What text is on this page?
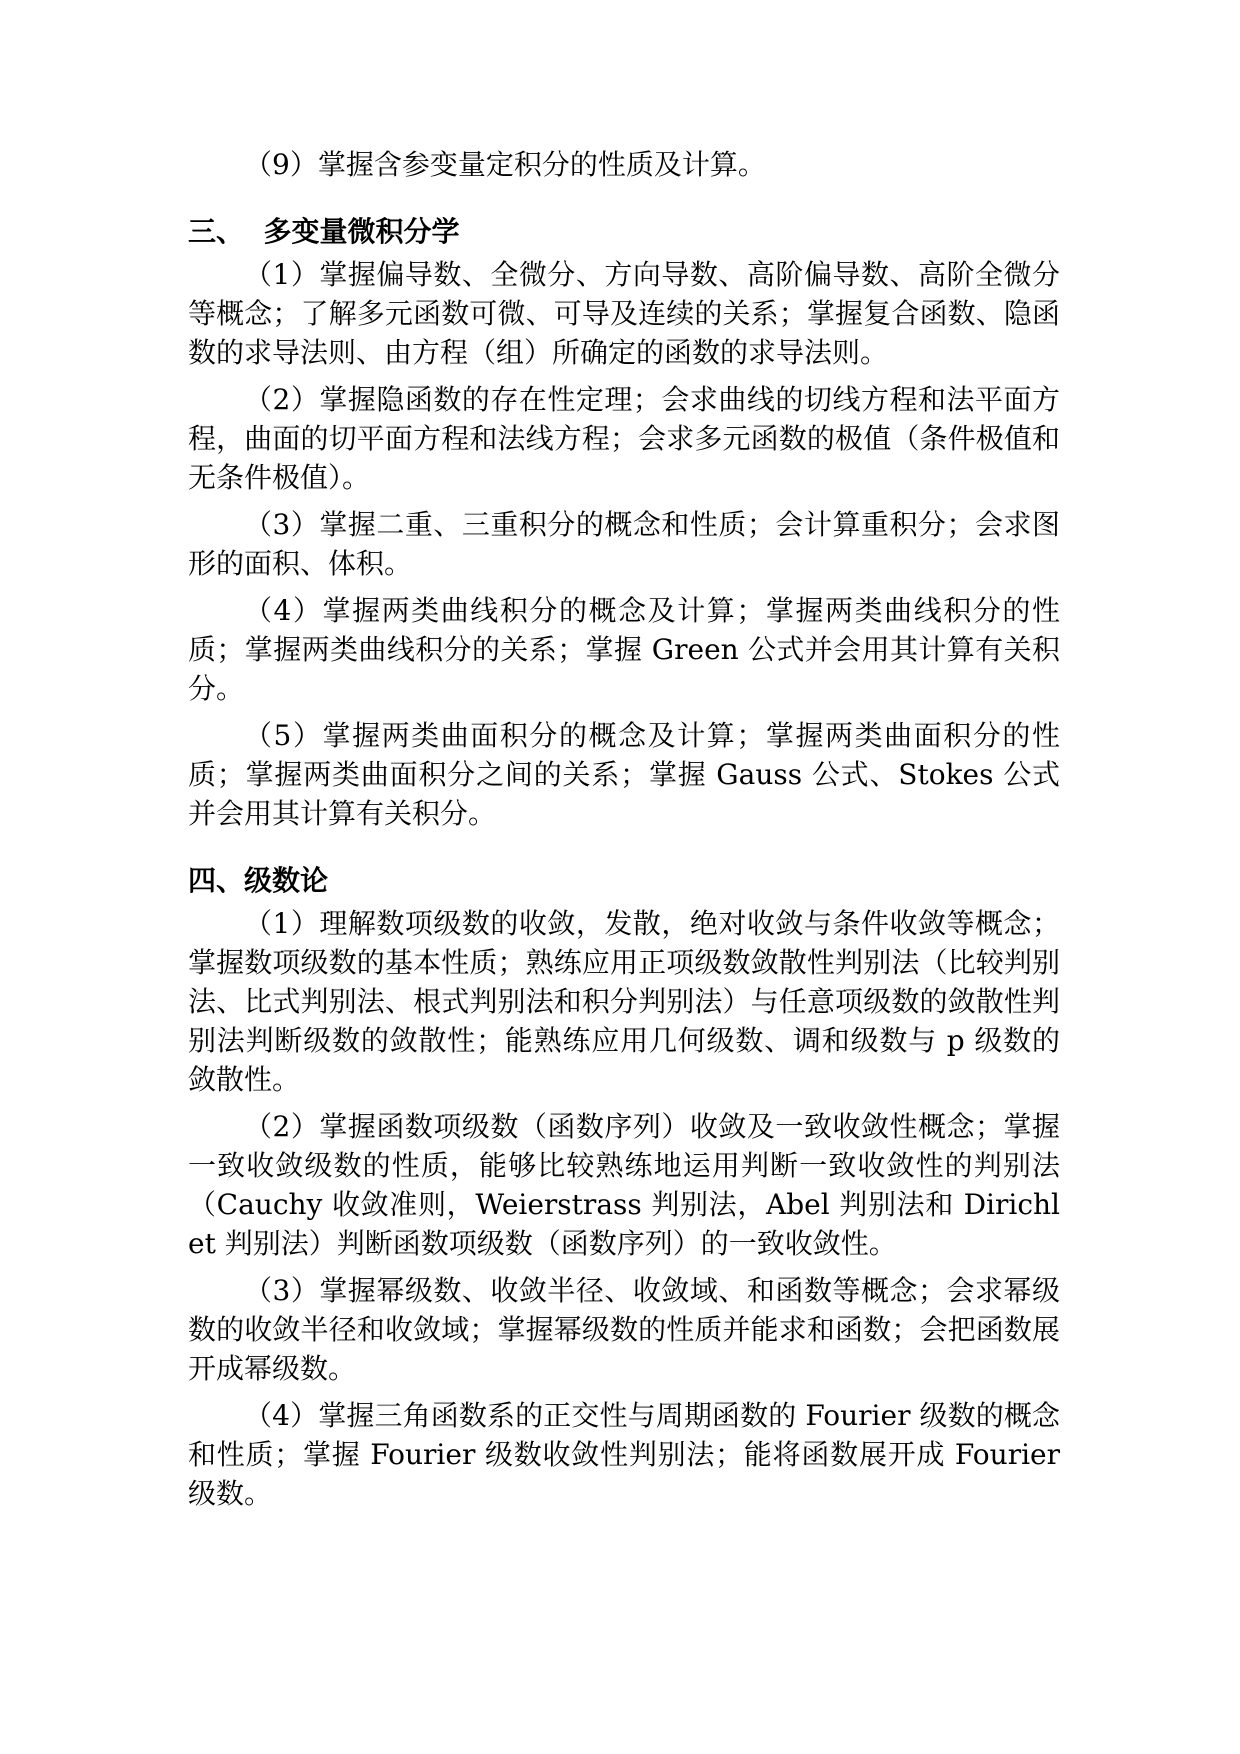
（9）掌握含参变量定积分的性质及计算。

三、  多变量微积分学

（1）掌握偏导数、全微分、方向导数、高阶偏导数、高阶全微分等概念；了解多元函数可微、可导及连续的关系；掌握复合函数、隐函数的求导法则、由方程（组）所确定的函数的求导法则。

（2）掌握隐函数的存在性定理；会求曲线的切线方程和法平面方程，曲面的切平面方程和法线方程；会求多元函数的极值（条件极值和无条件极值）。

（3）掌握二重、三重积分的概念和性质；会计算重积分；会求图形的面积、体积。

（4）掌握两类曲线积分的概念及计算；掌握两类曲线积分的性质；掌握两类曲线积分的关系；掌握 Green 公式并会用其计算有关积分。

（5）掌握两类曲面积分的概念及计算；掌握两类曲面积分的性质；掌握两类曲面积分之间的关系；掌握 Gauss 公式、Stokes 公式并会用其计算有关积分。

四、级数论

（1）理解数项级数的收敛，发散，绝对收敛与条件收敛等概念；掌握数项级数的基本性质；熟练应用正项级数敛散性判别法（比较判别法、比式判别法、根式判别法和积分判别法）与任意项级数的敛散性判别法判断级数的敛散性；能熟练应用几何级数、调和级数与 p 级数的敛散性。

（2）掌握函数项级数（函数序列）收敛及一致收敛性概念；掌握一致收敛级数的性质，能够比较熟练地运用判断一致收敛性的判别法（Cauchy 收敛准则，Weierstrass 判别法，Abel 判别法和 Dirichlet 判别法）判断函数项级数（函数序列）的一致收敛性。

（3）掌握幂级数、收敛半径、收敛域、和函数等概念；会求幂级数的收敛半径和收敛域；掌握幂级数的性质并能求和函数；会把函数展开成幂级数。

（4）掌握三角函数系的正交性与周期函数的 Fourier 级数的概念和性质；掌握 Fourier 级数收敛性判别法；能将函数展开成 Fourier 级数。
